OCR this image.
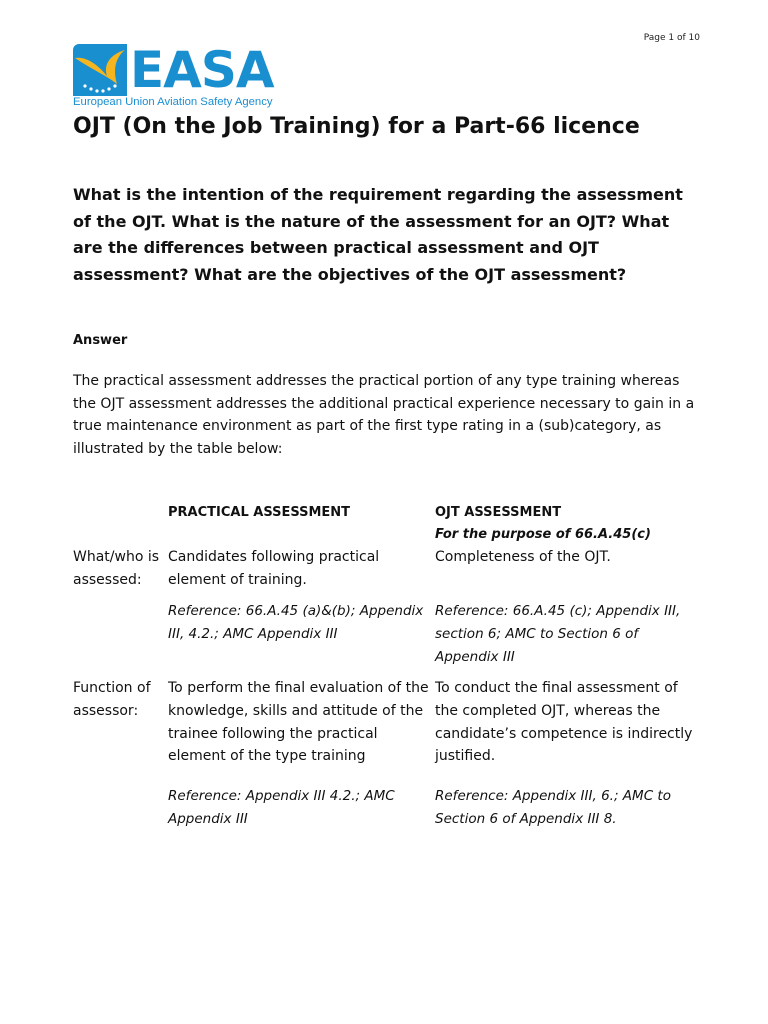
Page 1 of 10
EASA
European Union Aviation Safety Agency
OJT (On the Job Training) for a Part-66 licence

What is the intention of the requirement regarding the assessment of the OJT. What is the nature of the assessment for an OJT? What are the differences between practical assessment and OJT assessment? What are the objectives of the OJT assessment?

Answer

The practical assessment addresses the practical portion of any type training whereas the OJT assessment addresses the additional practical experience necessary to gain in a true maintenance environment as part of the first type rating in a (sub)category, as illustrated by the table below:

PRACTICAL ASSESSMENT	OJT ASSESSMENT
For the purpose of 66.A.45(c)

What/who is assessed:

Candidates following practical element of training.

Completeness of the OJT.

Reference: 66.A.45 (a)&(b); Appendix III, 4.2.; AMC Appendix III

Reference: 66.A.45 (c); Appendix III, section 6; AMC to Section 6 of Appendix III

Function of assessor:

To perform the final evaluation of the knowledge, skills and attitude of the trainee following the practical element of the type training

To conduct the final assessment of the completed OJT, whereas the candidate’s competence is indirectly justified.

Reference: Appendix III 4.2.; AMC Appendix III

Reference: Appendix III, 6.; AMC to Section 6 of Appendix III 8.
